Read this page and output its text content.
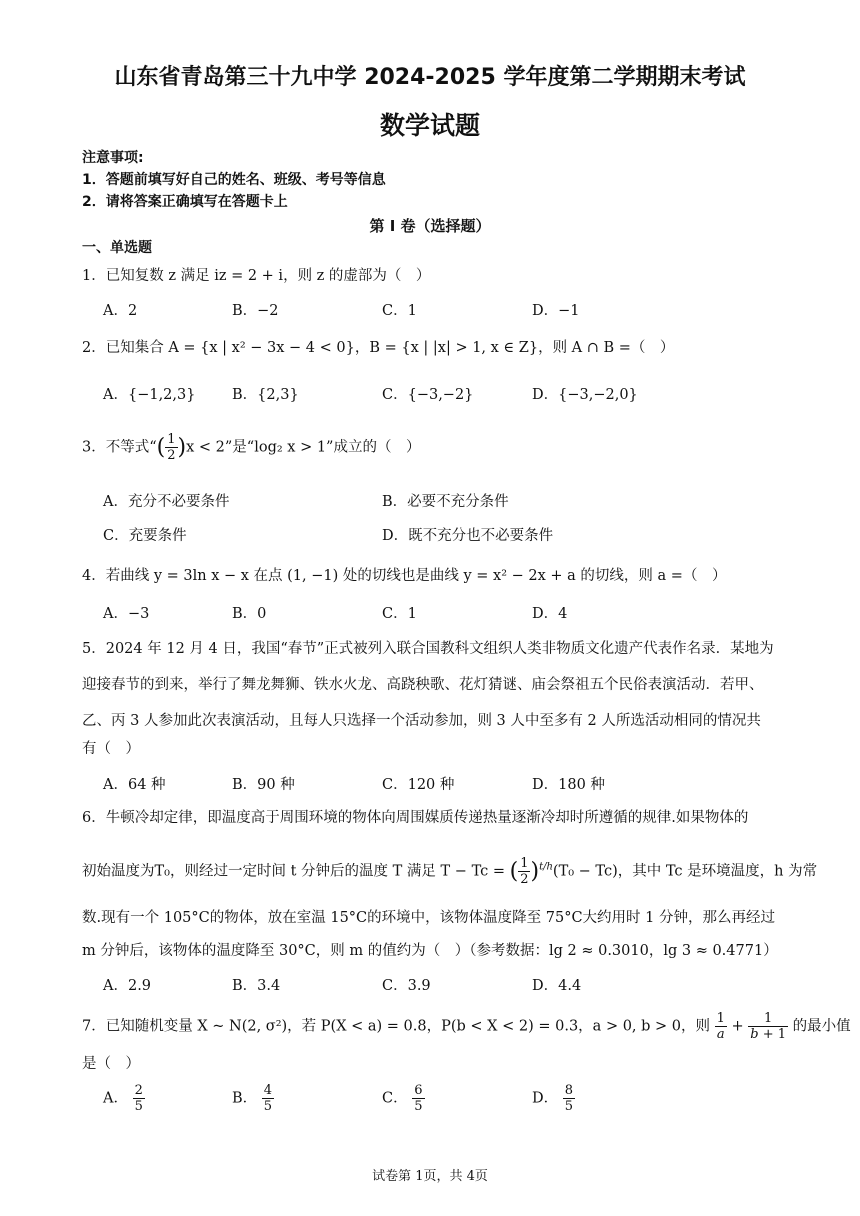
山东省青岛第三十九中学 2024-2025 学年度第二学期期末考试
数学试题
注意事项:
1．答题前填写好自己的姓名、班级、考号等信息
2．请将答案正确填写在答题卡上
第 I 卷（选择题）
一、单选题
1．已知复数 z 满足 iz = 2 + i，则 z 的虚部为（　）
A．2	B．−2	C．1	D．−1
2．已知集合 A = {x | x² − 3x − 4 < 0}，B = {x | |x| > 1, x ∈ Z}，则 A ∩ B =（　）
A．{−1,2,3}	B．{2,3}	C．{−3,−2}	D．{−3,−2,0}
3．不等式“( $\frac{1}{2} )x < 2$”是“log₂ x > 1”成立的（　）
A．充分不必要条件	B．必要不充分条件
C．充要条件	D．既不充分也不必要条件
4．若曲线 y = 3ln x − x 在点 (1, −1) 处的切线也是曲线 y = x² − 2x + a 的切线，则 a =（　）
A．−3	B．0	C．1	D．4
5．2024 年 12 月 4 日，我国“春节”正式被列入联合国教科文组织人类非物质文化遗产代表作名录．某地为
迎接春节的到来，举行了舞龙舞狮、铁水火龙、高跷秧歌、花灯猜谜、庙会祭祖五个民俗表演活动．若甲、
乙、丙 3 人参加此次表演活动，且每人只选择一个活动参加，则 3 人中至多有 2 人所选活动相同的情况共
有（　）
A．64 种	B．90 种	C．120 种	D．180 种
6．牛顿冷却定律，即温度高于周围环境的物体向周围媒质传递热量逐渐冷却时所遵循的规律.如果物体的
初始温度为T₀，则经过一定时间 t 分钟后的温度 T 满足 T − Tc = ( $\frac{1}{2} )^{t/h}(T_0 - Tc)$，其中 Tc 是环境温度，h 为常
数.现有一个 105°C的物体，放在室温 15°C的环境中，该物体温度降至 75°C大约用时 1 分钟，那么再经过
m 分钟后，该物体的温度降至 30°C，则 m 的值约为（　）（参考数据：lg 2 ≈ 0.3010，lg 3 ≈ 0.4771）
A．2.9	B．3.4	C．3.9	D．4.4
7．已知随机变量 X ~ N(2, σ²)，若 P(X < a) = 0.8，P(b < X < 2) = 0.3，a > 0, b > 0，则 $\frac{1}{a} + \frac{1}{b + 1}$ 的最小值
是（　）
A． $\frac{2}{5}$	B． $\frac{4}{5}$	C． $\frac{6}{5}$	D． $\frac{8}{5}$
试卷第 1页，共 4页
